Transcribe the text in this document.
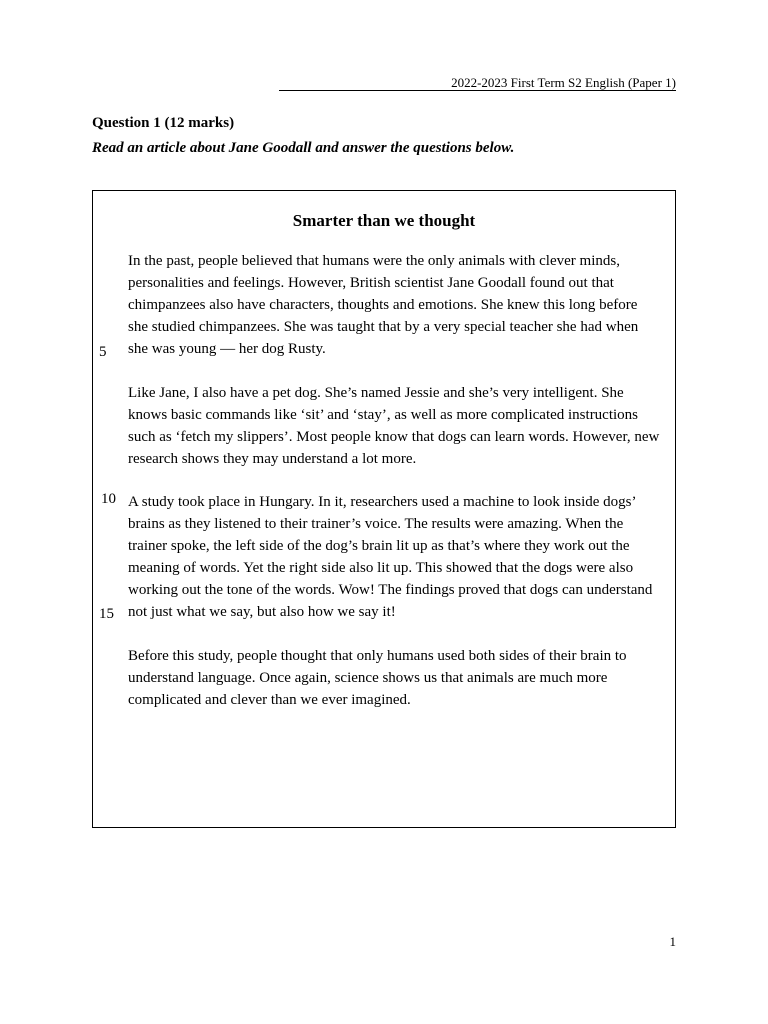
2022-2023 First Term S2 English (Paper 1)
Question 1 (12 marks)
Read an article about Jane Goodall and answer the questions below.
Smarter than we thought

In the past, people believed that humans were the only animals with clever minds, personalities and feelings. However, British scientist Jane Goodall found out that chimpanzees also have characters, thoughts and emotions. She knew this long before she studied chimpanzees. She was taught that by a very special teacher she had when she was young — her dog Rusty.

Like Jane, I also have a pet dog. She’s named Jessie and she’s very intelligent. She knows basic commands like ‘sit’ and ‘stay’, as well as more complicated instructions such as ‘fetch my slippers’. Most people know that dogs can learn words. However, new research shows they may understand a lot more.

A study took place in Hungary. In it, researchers used a machine to look inside dogs’ brains as they listened to their trainer’s voice. The results were amazing. When the trainer spoke, the left side of the dog’s brain lit up as that’s where they work out the meaning of words. Yet the right side also lit up. This showed that the dogs were also working out the tone of the words. Wow! The findings proved that dogs can understand not just what we say, but also how we say it!

Before this study, people thought that only humans used both sides of their brain to understand language. Once again, science shows us that animals are much more complicated and clever than we ever imagined.

5
10
15
1
